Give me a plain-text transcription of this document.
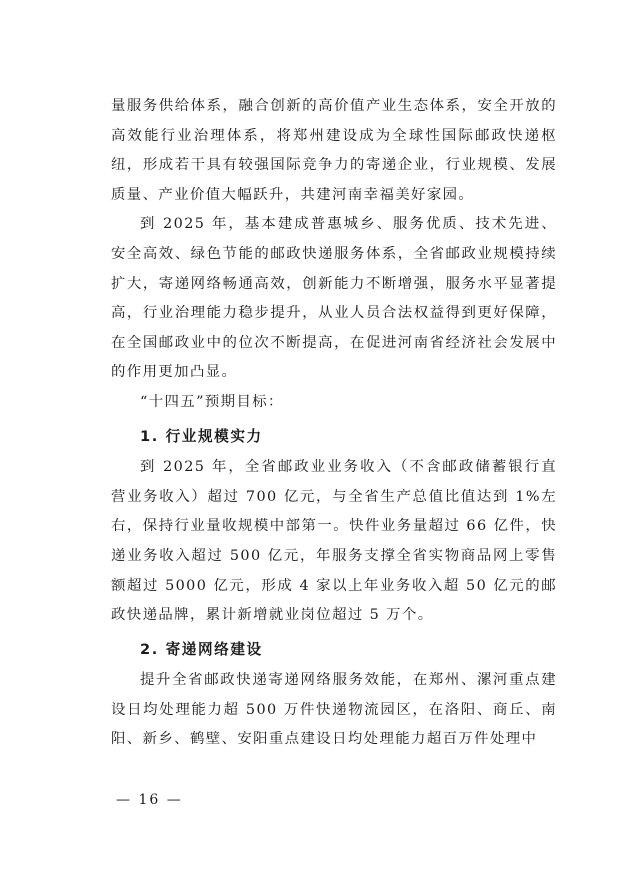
量服务供给体系，融合创新的高价值产业生态体系，安全开放的高效能行业治理体系，将郑州建设成为全球性国际邮政快递枢纽，形成若干具有较强国际竞争力的寄递企业，行业规模、发展质量、产业价值大幅跃升，共建河南幸福美好家园。

到 2025 年，基本建成普惠城乡、服务优质、技术先进、安全高效、绿色节能的邮政快递服务体系，全省邮政业规模持续扩大，寄递网络畅通高效，创新能力不断增强，服务水平显著提高，行业治理能力稳步提升，从业人员合法权益得到更好保障，在全国邮政业中的位次不断提高，在促进河南省经济社会发展中的作用更加凸显。

“十四五”预期目标：

1. 行业规模实力

到 2025 年，全省邮政业业务收入（不含邮政储蓄银行直营业务收入）超过 700 亿元，与全省生产总值比值达到 1%左右，保持行业量收规模中部第一。快件业务量超过 66 亿件，快递业务收入超过 500 亿元，年服务支撑全省实物商品网上零售额超过 5000 亿元，形成 4 家以上年业务收入超 50 亿元的邮政快递品牌，累计新增就业岗位超过 5 万个。

2. 寄递网络建设

提升全省邮政快递寄递网络服务效能，在郑州、漯河重点建设日均处理能力超 500 万件快递物流园区，在洛阳、商丘、南阳、新乡、鹤壁、安阳重点建设日均处理能力超百万件处理中

— 16 —
